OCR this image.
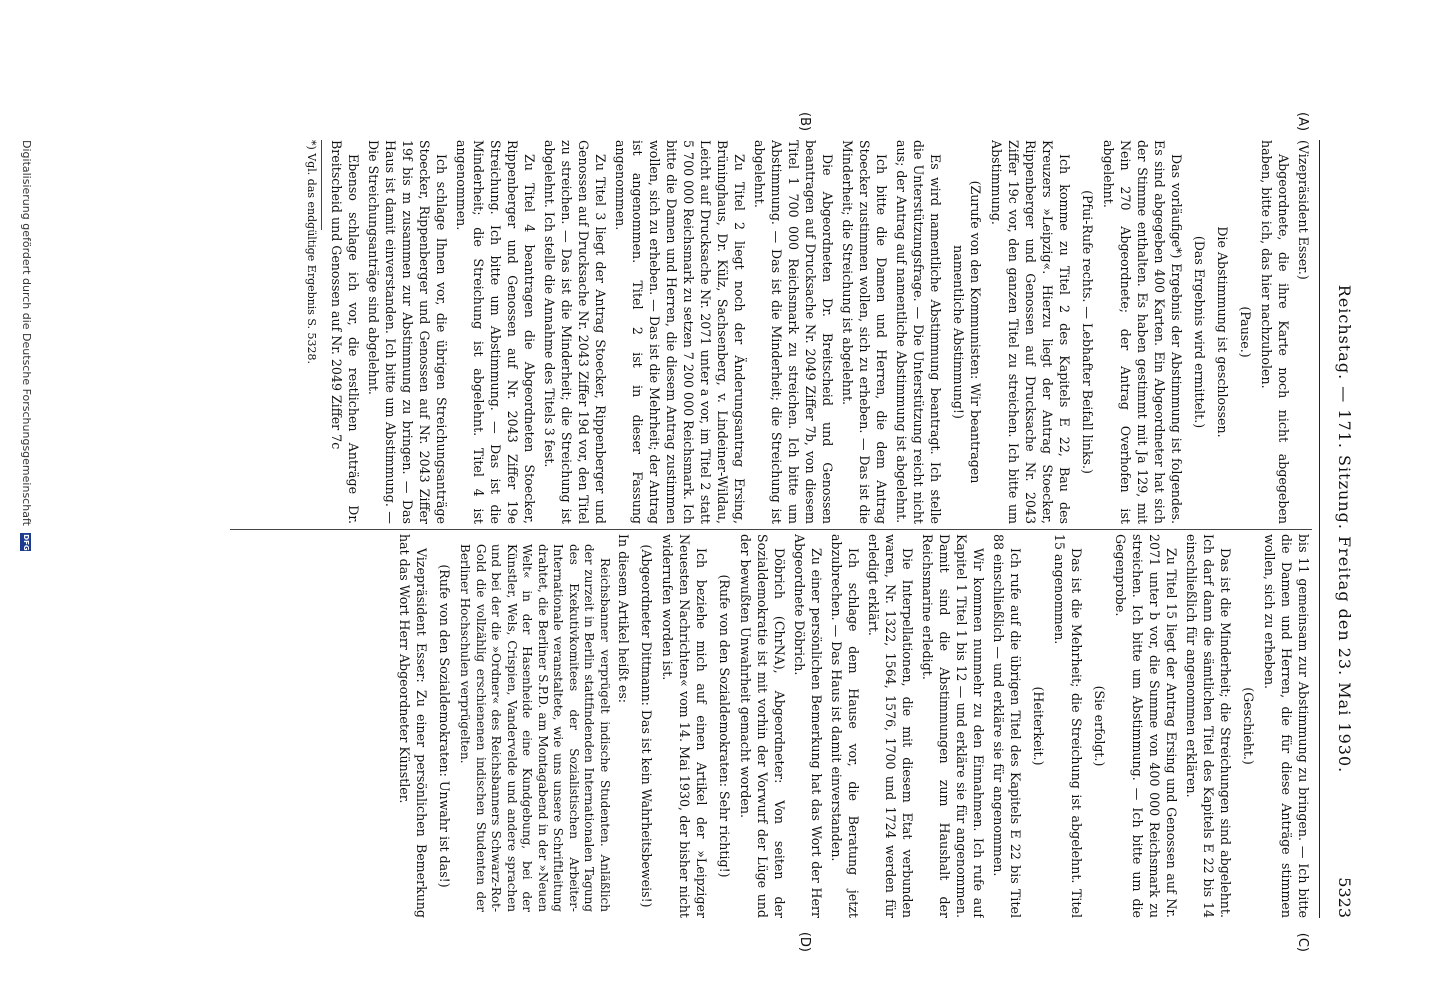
Reichstag. — 171. Sitzung. Freitag den 23. Mai 1930.
5323
(A)
(B)
(C)
(D)

(Vizepräsident Esser.)

Abgeordnete, die ihre Karte noch nicht abgegeben haben, bitte ich, das hier nachzuholen.

(Pause.)

Die Abstimmung ist geschlossen.

(Das Ergebnis wird ermittelt.)

Das vorläufige*) Ergebnis der Abstimmung ist folgendes. Es sind abgegeben 400 Karten. Ein Abgeordneter hat sich der Stimme enthalten. Es haben gestimmt mit Ja 129, mit Nein 270 Abgeordnete; der Antrag Overhofen ist abgelehnt.

(Pfui-Rufe rechts. — Lebhafter Beifall links.)

Ich komme zu Titel 2 des Kapitels E 22, Bau des Kreuzers »Leipzig«. Hierzu liegt der Antrag Stoecker, Rippenberger und Genossen auf Drucksache Nr. 2043 Ziffer 19c vor, den ganzen Titel zu streichen. Ich bitte um Abstimmung.

(Zurufe von den Kommunisten: Wir beantragen namentliche Abstimmung!)

Es wird namentliche Abstimmung beantragt. Ich stelle die Unterstützungsfrage. — Die Unterstützung reicht nicht aus; der Antrag auf namentliche Abstimmung ist abgelehnt.

Ich bitte die Damen und Herren, die dem Antrag Stoecker zustimmen wollen, sich zu erheben. — Das ist die Minderheit; die Streichung ist abgelehnt.

Die Abgeordneten Dr. Breitscheid und Genossen beantragen auf Drucksache Nr. 2049 Ziffer 7b, von diesem Titel 1 700 000 Reichsmark zu streichen. Ich bitte um Abstimmung. — Das ist die Minderheit; die Streichung ist abgelehnt.

Zu Titel 2 liegt noch der Änderungsantrag Ersing, Brüninghaus, Dr. Külz, Sachsenberg, v. Lindeiner-Wildau, Leicht auf Drucksache Nr. 2071 unter a vor, im Titel 2 statt 5 700 000 Reichsmark zu setzen 7 200 000 Reichsmark. Ich bitte die Damen und Herren, die diesem Antrag zustimmen wollen, sich zu erheben. — Das ist die Mehrheit; der Antrag ist angenommen. Titel 2 ist in dieser Fassung angenommen.

Zu Titel 3 liegt der Antrag Stoecker, Rippenberger und Genossen auf Drucksache Nr. 2043 Ziffer 19d vor, den Titel zu streichen. — Das ist die Minderheit; die Streichung ist abgelehnt. Ich stelle die Annahme des Titels 3 fest.

Zu Titel 4 beantragen die Abgeordneten Stoecker, Rippenberger und Genossen auf Nr. 2043 Ziffer 19e Streichung. Ich bitte um Abstimmung. — Das ist die Minderheit; die Streichung ist abgelehnt. Titel 4 ist angenommen.

Ich schlage Ihnen vor, die übrigen Streichungsanträge Stoecker, Rippenberger und Genossen auf Nr. 2043 Ziffer 19f bis m zusammen zur Abstimmung zu bringen. — Das Haus ist damit einverstanden. Ich bitte um Abstimmung. — Die Streichungsanträge sind abgelehnt.

Ebenso schlage ich vor, die restlichen Anträge Dr. Breitscheid und Genossen auf Nr. 2049 Ziffer 7c

*) Vgl. das endgültige Ergebnis S. 5328.

bis 11 gemeinsam zur Abstimmung zu bringen. — Ich bitte die Damen und Herren, die für diese Anträge stimmen wollen, sich zu erheben.

(Geschieht.)

Das ist die Minderheit; die Streichungen sind abgelehnt. Ich darf dann die sämtlichen Titel des Kapitels E 22 bis 14 einschließlich für angenommen erklären.

Zu Titel 15 liegt der Antrag Ersing und Genossen auf Nr. 2071 unter b vor, die Summe von 400 000 Reichsmark zu streichen. Ich bitte um Abstimmung. — Ich bitte um die Gegenprobe.

(Sie erfolgt.)

Das ist die Mehrheit; die Streichung ist abgelehnt. Titel 15 angenommen.

(Heiterkeit.)

Ich rufe auf die übrigen Titel des Kapitels E 22 bis Titel 88 einschließlich — und erkläre sie für angenommen.

Wir kommen nunmehr zu den Einnahmen. Ich rufe auf Kapitel 1 Titel 1 bis 12 — und erkläre sie für angenommen. Damit sind die Abstimmungen zum Haushalt der Reichsmarine erledigt.

Die Interpellationen, die mit diesem Etat verbunden waren, Nr. 1322, 1564, 1576, 1700 und 1724 werden für erledigt erklärt.

Ich schlage dem Hause vor, die Beratung jetzt abzubrechen. — Das Haus ist damit einverstanden.

Zu einer persönlichen Bemerkung hat das Wort der Herr Abgeordnete Döbrich.

Döbrich (ChrNA), Abgeordneter: Von seiten der Sozialdemokratie ist mit vorhin der Vorwurf der Lüge und der bewußten Unwahrheit gemacht worden.

(Rufe von den Sozialdemokraten: Sehr richtig!)

Ich beziehe mich auf einen Artikel der »Leipziger Neuesten Nachrichten« vom 14. Mai 1930, der bisher nicht widerrufen worden ist.

(Abgeordneter Dittmann: Das ist kein Wahrheitsbeweis!)

In diesem Artikel heißt es:

Reichsbanner verprügelt indische Studenten. Anläßlich der zurzeit in Berlin stattfindenden Internationalen Tagung des Exekutivkomitees der Sozialistischen Arbeiter-Internationale veranstaltete, wie uns unsere Schriftleitung drahtet, die Berliner S.P.D. am Montagabend in der »Neuen Welt« in der Hasenheide eine Kundgebung, bei der Künstler, Wels, Crispien, Vandervelde und andere sprachen und bei der die »Ordner« des Reichsbanners Schwarz-Rot-Gold die vollzählig erschienenen indischen Studenten der Berliner Hochschulen verprügelten.

(Rufe von den Sozialdemokraten: Unwahr ist das!)

Vizepräsident Esser: Zu einer persönlichen Bemerkung hat das Wort Herr Abgeordneter Künstler.

Digitalisierung gefördert durch die Deutsche Forschungsgemeinschaft DFG
